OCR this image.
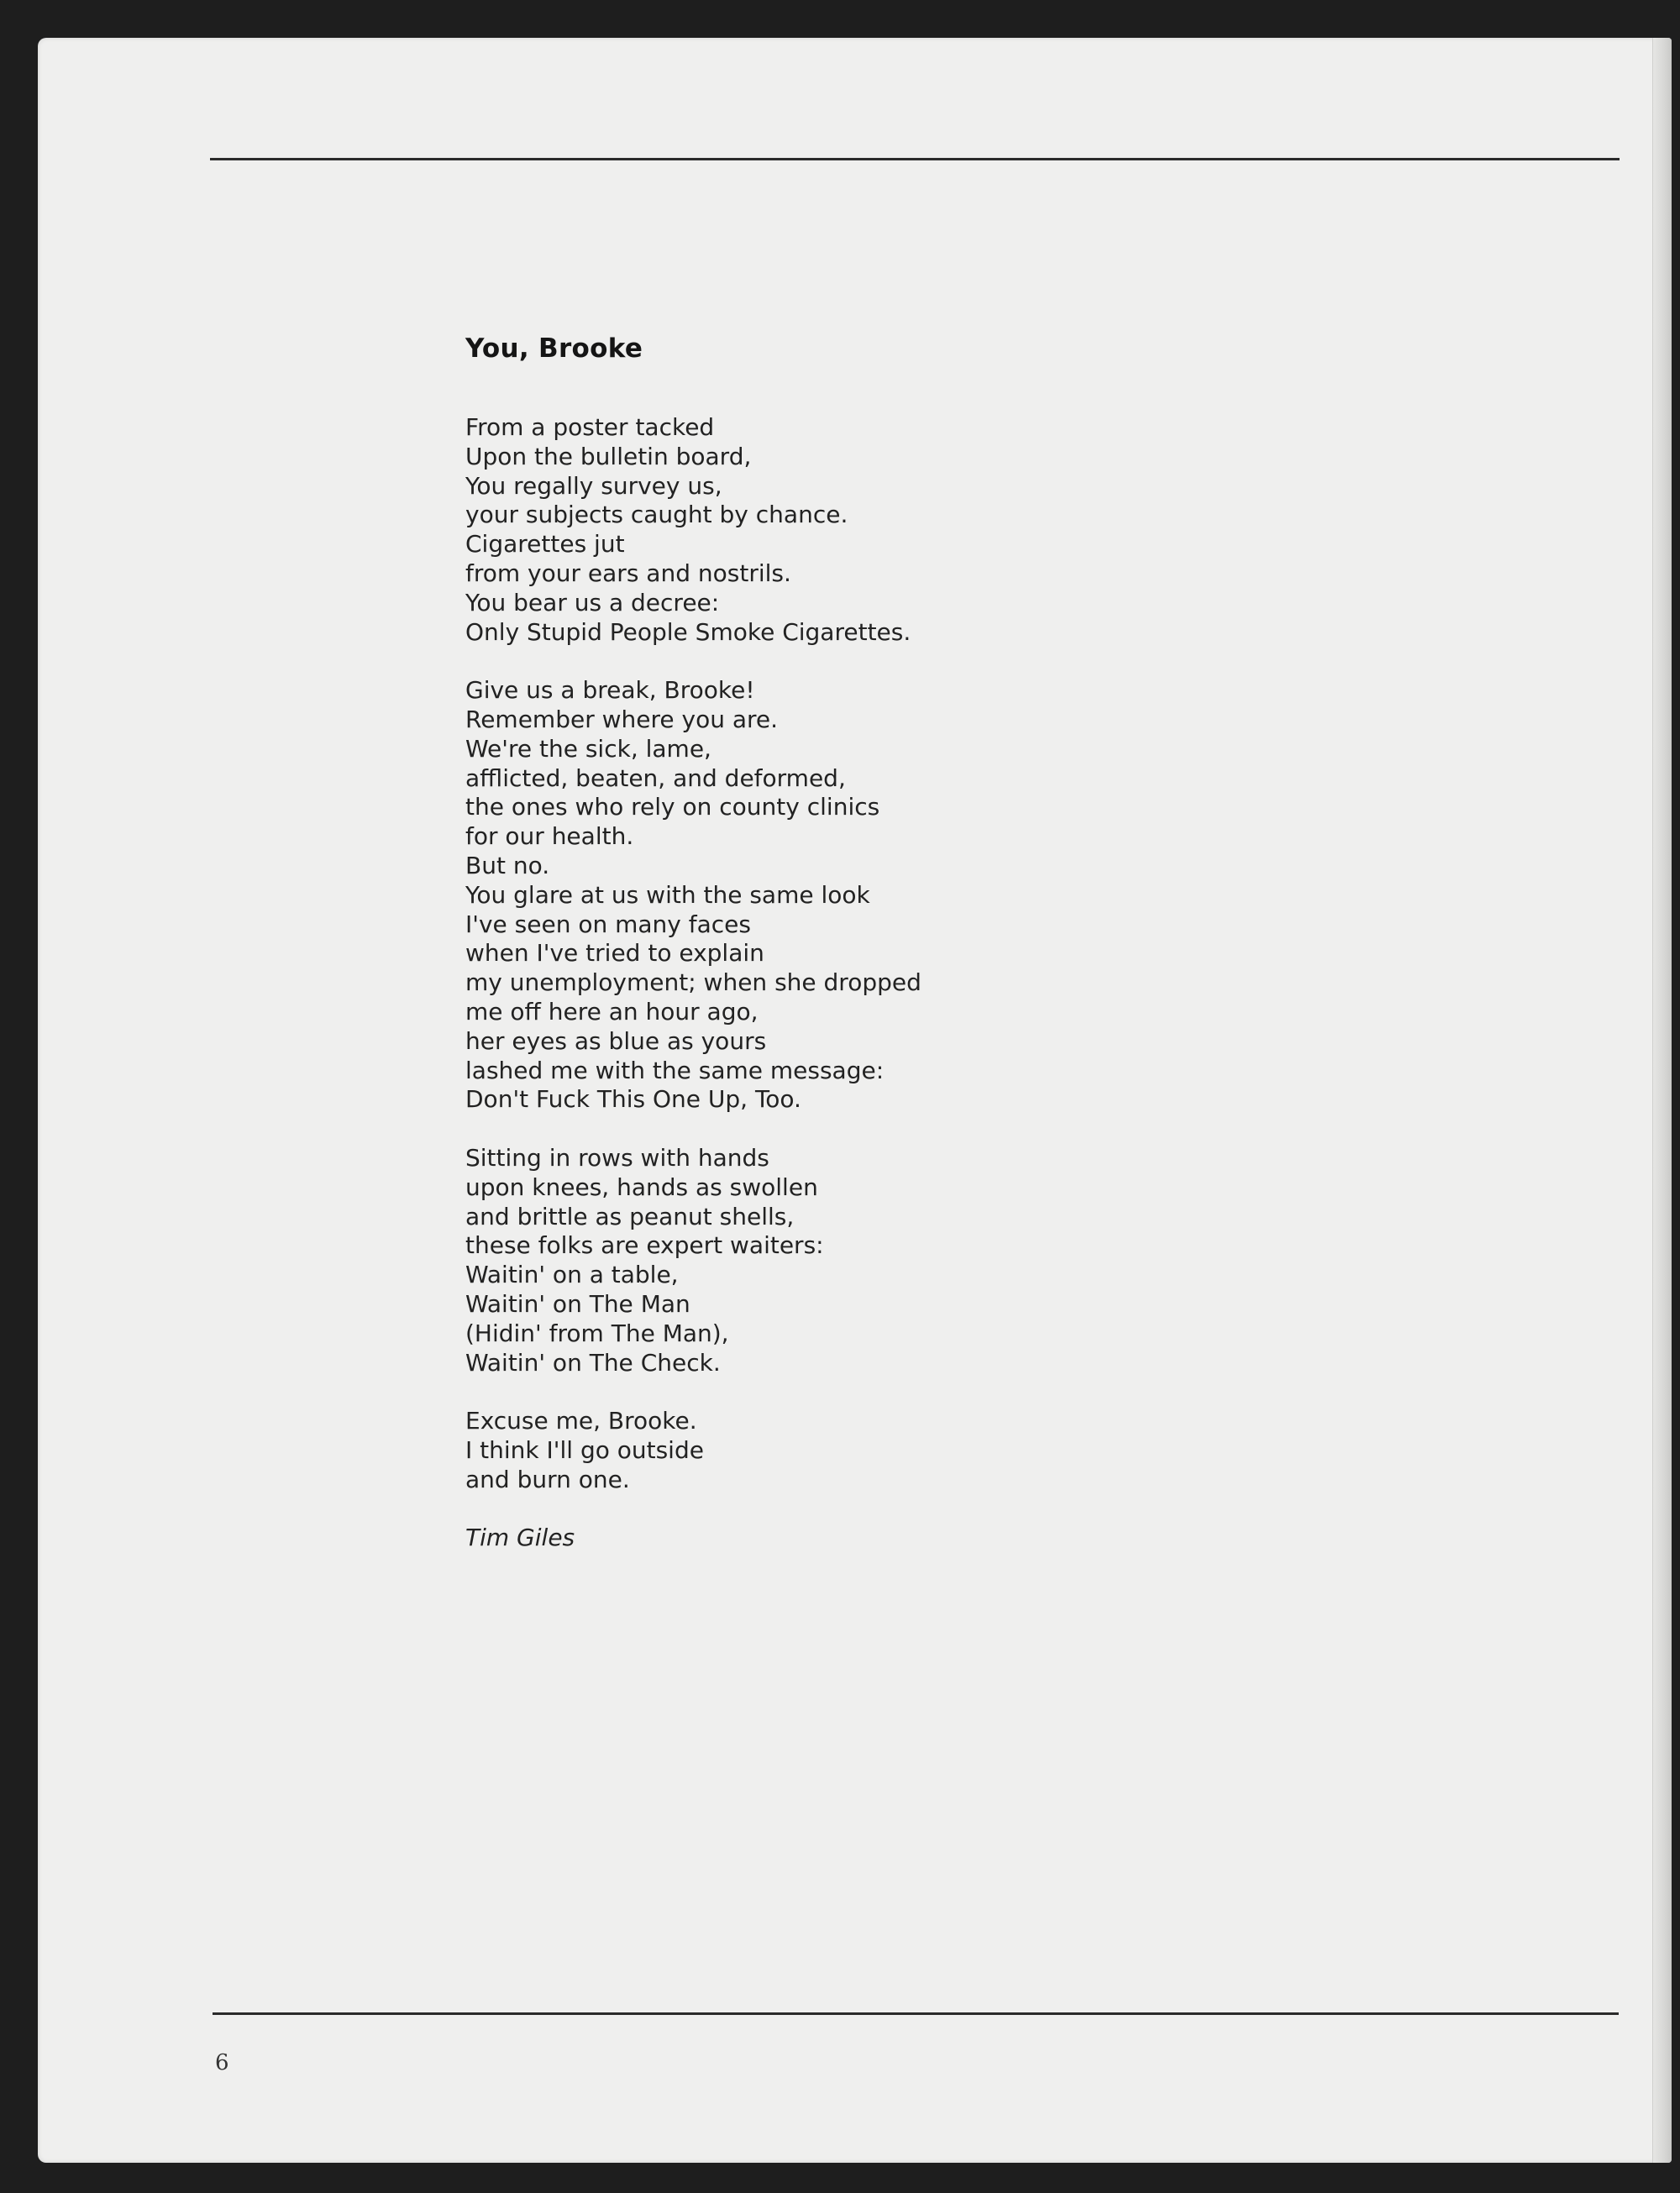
You, Brooke
From a poster tacked
Upon the bulletin board,
You regally survey us,
your subjects caught by chance.
Cigarettes jut
from your ears and nostrils.
You bear us a decree:
Only Stupid People Smoke Cigarettes.
Give us a break, Brooke!
Remember where you are.
We're the sick, lame,
afflicted, beaten, and deformed,
the ones who rely on county clinics
for our health.
But no.
You glare at us with the same look
I've seen on many faces
when I've tried to explain
my unemployment; when she dropped
me off here an hour ago,
her eyes as blue as yours
lashed me with the same message:
Don't Fuck This One Up, Too.
Sitting in rows with hands
upon knees, hands as swollen
and brittle as peanut shells,
these folks are expert waiters:
Waitin' on a table,
Waitin' on The Man
(Hidin' from The Man),
Waitin' on The Check.
Excuse me, Brooke.
I think I'll go outside
and burn one.
Tim Giles
6
